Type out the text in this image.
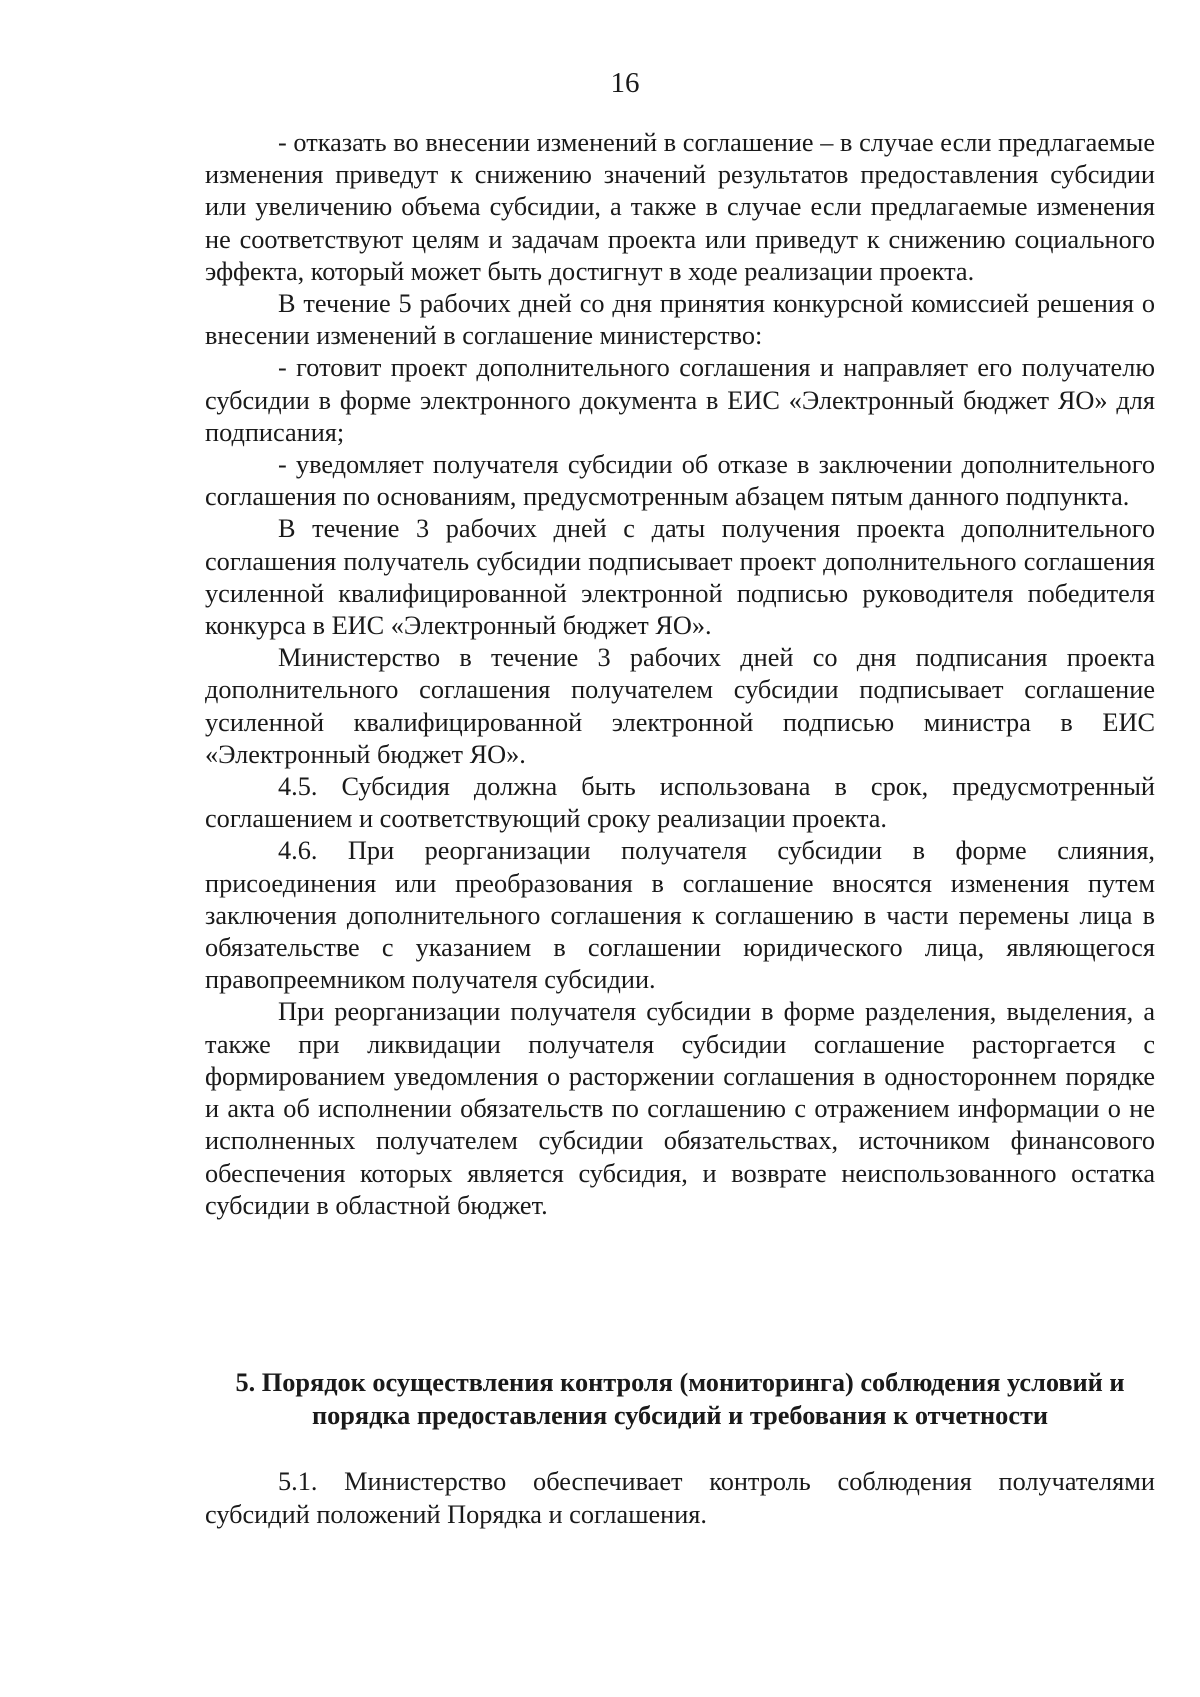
16

- отказать во внесении изменений в соглашение – в случае если предлагаемые изменения приведут к снижению значений результатов предоставления субсидии или увеличению объема субсидии, а также в случае если предлагаемые изменения не соответствуют целям и задачам проекта или приведут к снижению социального эффекта, который может быть достигнут в ходе реализации проекта.

В течение 5 рабочих дней со дня принятия конкурсной комиссией решения о внесении изменений в соглашение министерство:

- готовит проект дополнительного соглашения и направляет его получателю субсидии в форме электронного документа в ЕИС «Электронный бюджет ЯО» для подписания;

- уведомляет получателя субсидии об отказе в заключении дополнительного соглашения по основаниям, предусмотренным абзацем пятым данного подпункта.

В течение 3 рабочих дней с даты получения проекта дополнительного соглашения получатель субсидии подписывает проект дополнительного соглашения усиленной квалифицированной электронной подписью руководителя победителя конкурса в ЕИС «Электронный бюджет ЯО».

Министерство в течение 3 рабочих дней со дня подписания проекта дополнительного соглашения получателем субсидии подписывает соглашение усиленной квалифицированной электронной подписью министра в ЕИС «Электронный бюджет ЯО».

4.5. Субсидия должна быть использована в срок, предусмотренный соглашением и соответствующий сроку реализации проекта.

4.6. При реорганизации получателя субсидии в форме слияния, присоединения или преобразования в соглашение вносятся изменения путем заключения дополнительного соглашения к соглашению в части перемены лица в обязательстве с указанием в соглашении юридического лица, являющегося правопреемником получателя субсидии.

При реорганизации получателя субсидии в форме разделения, выделения, а также при ликвидации получателя субсидии соглашение расторгается с формированием уведомления о расторжении соглашения в одностороннем порядке и акта об исполнении обязательств по соглашению с отражением информации о не исполненных получателем субсидии обязательствах, источником финансового обеспечения которых является субсидия, и возврате неиспользованного остатка субсидии в областной бюджет.

5. Порядок осуществления контроля (мониторинга) соблюдения условий и
порядка предоставления субсидий и требования к отчетности

5.1. Министерство обеспечивает контроль соблюдения получателями субсидий положений Порядка и соглашения.
